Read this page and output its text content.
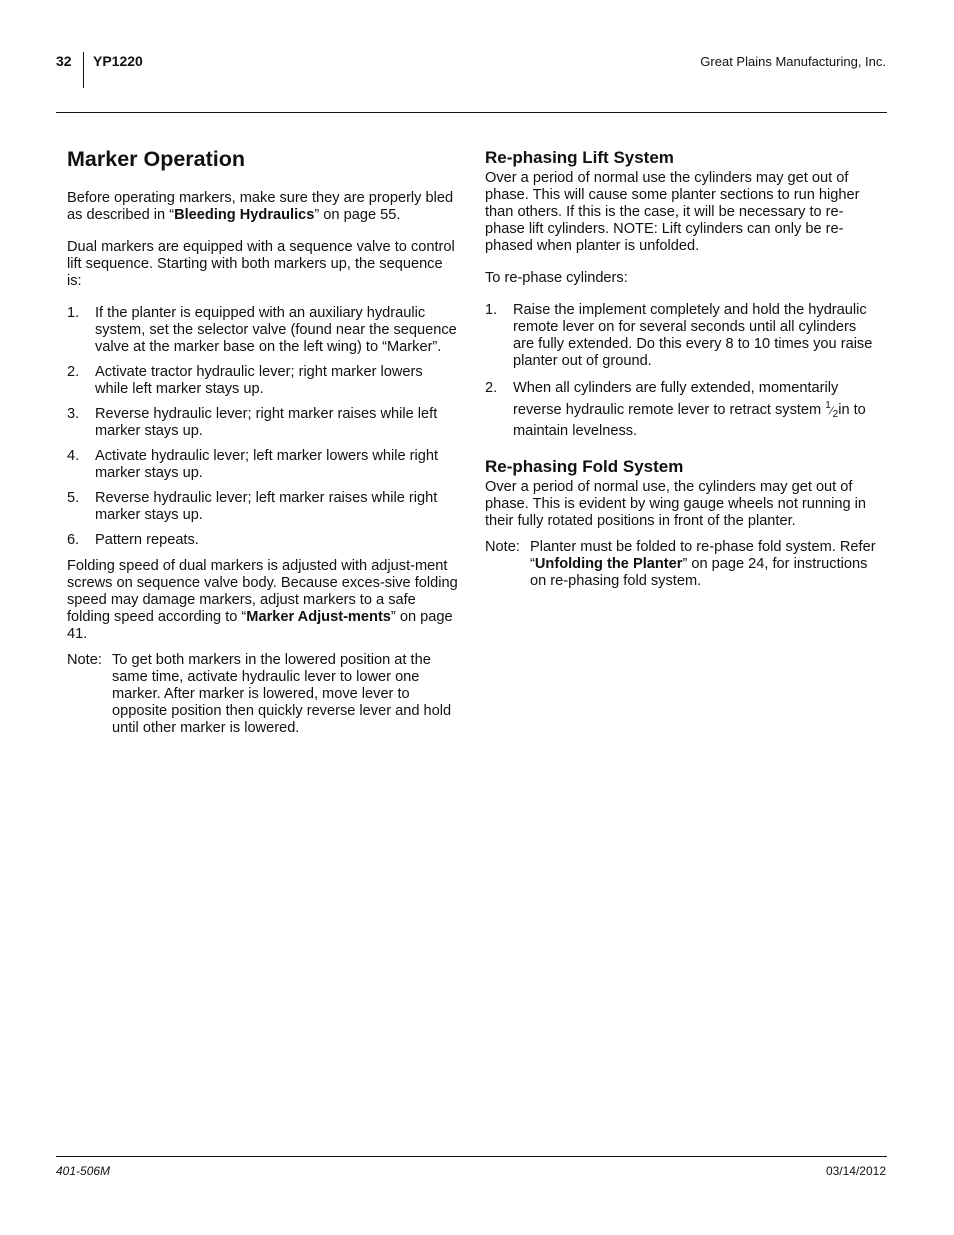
32 YP1220	Great Plains Manufacturing, Inc.
Marker Operation

Before operating markers, make sure they are properly bled as described in “Bleeding Hydraulics” on page 55.

Dual markers are equipped with a sequence valve to control lift sequence. Starting with both markers up, the sequence is:

1. If the planter is equipped with an auxiliary hydraulic system, set the selector valve (found near the sequence valve at the marker base on the left wing) to “Marker”.
2. Activate tractor hydraulic lever; right marker lowers while left marker stays up.
3. Reverse hydraulic lever; right marker raises while left marker stays up.
4. Activate hydraulic lever; left marker lowers while right marker stays up.
5. Reverse hydraulic lever; left marker raises while right marker stays up.
6. Pattern repeats.

Folding speed of dual markers is adjusted with adjust-ment screws on sequence valve body. Because exces-sive folding speed may damage markers, adjust markers to a safe folding speed according to “Marker Adjust-ments” on page 41.

Note: To get both markers in the lowered position at the same time, activate hydraulic lever to lower one marker. After marker is lowered, move lever to opposite position then quickly reverse lever and hold until other marker is lowered.
Re-phasing Lift System

Over a period of normal use the cylinders may get out of phase. This will cause some planter sections to run higher than others. If this is the case, it will be necessary to re-phase lift cylinders. NOTE: Lift cylinders can only be re-phased when planter is unfolded.

To re-phase cylinders:

1. Raise the implement completely and hold the hydraulic remote lever on for several seconds until all cylinders are fully extended. Do this every 8 to 10 times you raise planter out of ground.
2. When all cylinders are fully extended, momentarily reverse hydraulic remote lever to retract system $^1⁄_2in$ to maintain levelness.
Re-phasing Fold System

Over a period of normal use, the cylinders may get out of phase. This is evident by wing gauge wheels not running in their fully rotated positions in front of the planter.

Note: Planter must be folded to re-phase fold system. Refer “Unfolding the Planter” on page 24, for instructions on re-phasing fold system.
401-506M	03/14/2012
